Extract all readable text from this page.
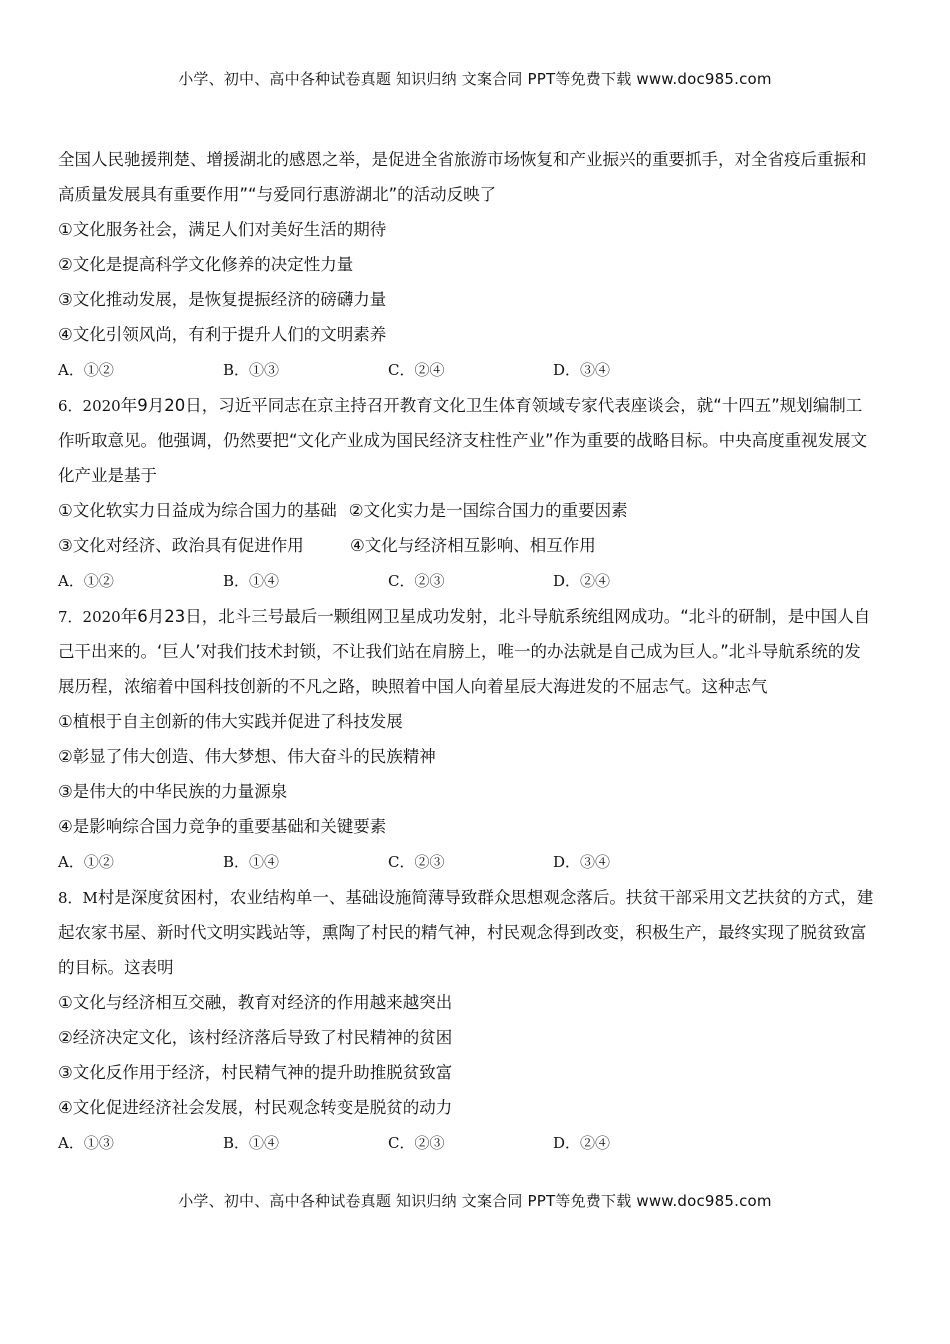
小学、初中、高中各种试卷真题 知识归纳 文案合同 PPT等免费下载 www.doc985.com
全国人民驰援荆楚、增援湖北的感恩之举，是促进全省旅游市场恢复和产业振兴的重要抓手，对全省疫后重振和
高质量发展具有重要作用”“与爱同行惠游湖北”的活动反映了
①文化服务社会，满足人们对美好生活的期待
②文化是提高科学文化修养的决定性力量
③文化推动发展，是恢复提振经济的磅礴力量
④文化引领风尚，有利于提升人们的文明素养
A．①②	B．①③	C．②④	D．③④
6．2020年9月20日，习近平同志在京主持召开教育文化卫生体育领域专家代表座谈会，就“十四五”规划编制工
作听取意见。他强调，仍然要把“文化产业成为国民经济支柱性产业”作为重要的战略目标。中央高度重视发展文
化产业是基于
①文化软实力日益成为综合国力的基础 ②文化实力是一国综合国力的重要因素
③文化对经济、政治具有促进作用	④文化与经济相互影响、相互作用
A．①②	B．①④	C．②③	D．②④
7．2020年6月23日，北斗三号最后一颗组网卫星成功发射，北斗导航系统组网成功。“北斗的研制，是中国人自
己干出来的。‘巨人’对我们技术封锁，不让我们站在肩膀上，唯一的办法就是自己成为巨人。”北斗导航系统的发
展历程，浓缩着中国科技创新的不凡之路，映照着中国人向着星辰大海进发的不屈志气。这种志气
①植根于自主创新的伟大实践并促进了科技发展
②彰显了伟大创造、伟大梦想、伟大奋斗的民族精神
③是伟大的中华民族的力量源泉
④是影响综合国力竞争的重要基础和关键要素
A．①②	B．①④	C．②③	D．③④
8．M村是深度贫困村，农业结构单一、基础设施简薄导致群众思想观念落后。扶贫干部采用文艺扶贫的方式，建
起农家书屋、新时代文明实践站等，熏陶了村民的精气神，村民观念得到改变，积极生产，最终实现了脱贫致富
的目标。这表明
①文化与经济相互交融，教育对经济的作用越来越突出
②经济决定文化，该村经济落后导致了村民精神的贫困
③文化反作用于经济，村民精气神的提升助推脱贫致富
④文化促进经济社会发展，村民观念转变是脱贫的动力
A．①③	B．①④	C．②③	D．②④
小学、初中、高中各种试卷真题 知识归纳 文案合同 PPT等免费下载 www.doc985.com
